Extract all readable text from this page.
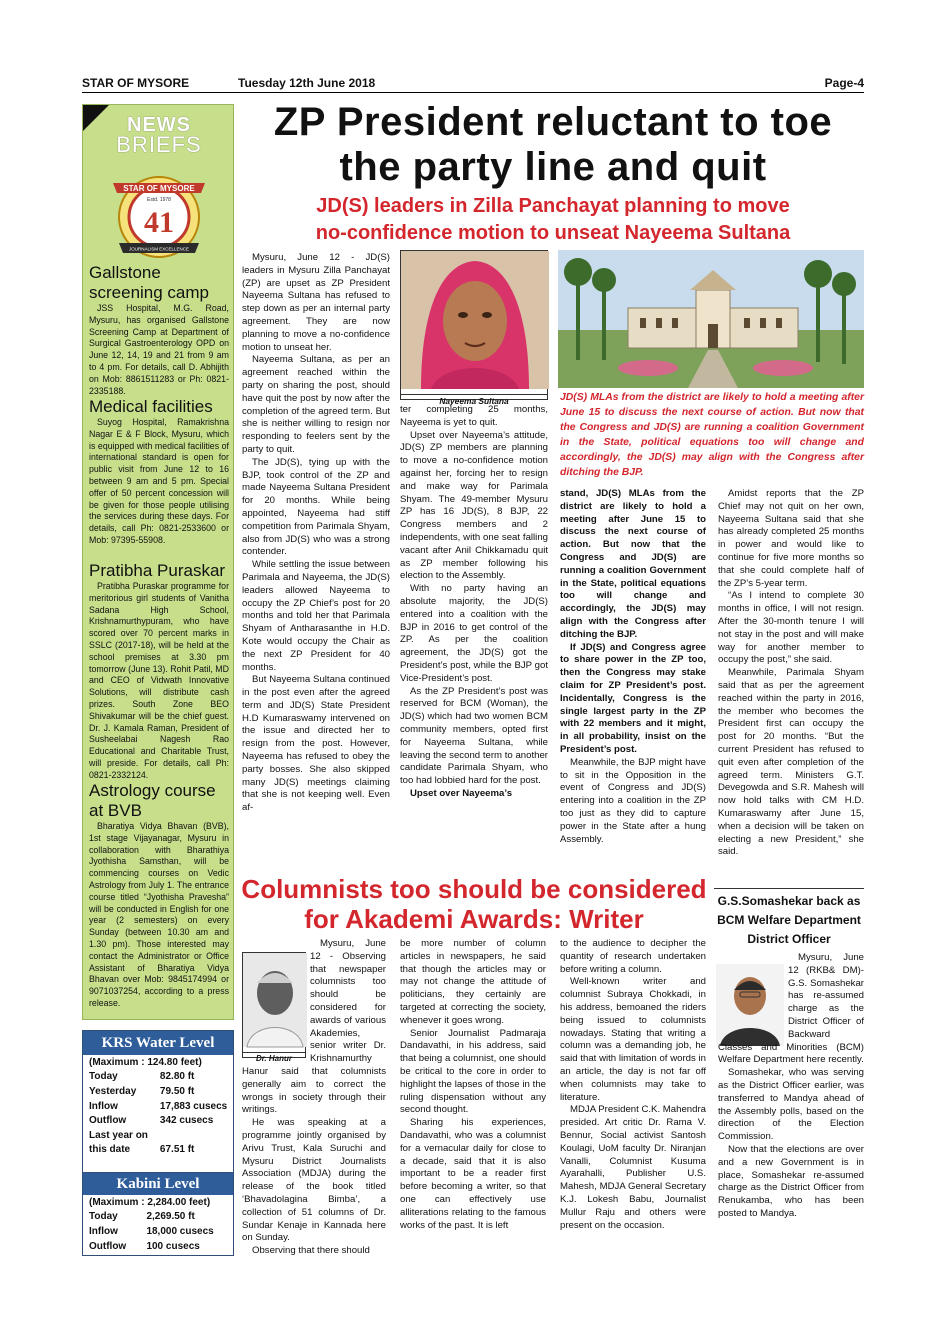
STAR OF MYSORE	Tuesday 12th June 2018	Page-4
NEWS
BRIEFS
STAR OF MYSORE
Estd. 1978
41
JOURNALISM EXCELLENCE
Gallstone screening camp

JSS Hospital, M.G. Road, Mysuru, has organised Gallstone Screening Camp at Department of Surgical Gastroenterology OPD on June 12, 14, 19 and 21 from 9 am to 4 pm. For details, call D. Abhijith on Mob: 8861511283 or Ph: 0821-2335188.

Medical facilities

Suyog Hospital, Ramakrishna Nagar E & F Block, Mysuru, which is equipped with medical facilities of international standard is open for public visit from June 12 to 16 between 9 am and 5 pm. Special offer of 50 percent concession will be given for those people utilising the services during these days. For details, call Ph: 0821-2533600 or Mob: 97395-55908.

Pratibha Puraskar

Pratibha Puraskar programme for meritorious girl students of Vanitha Sadana High School, Krishnamurthypuram, who have scored over 70 percent marks in SSLC (2017-18), will be held at the school premises at 3.30 pm tomorrow (June 13). Rohit Patil, MD and CEO of Vidwath Innovative Solutions, will distribute cash prizes. South Zone BEO Shivakumar will be the chief guest. Dr. J. Kamala Raman, President of Susheelabai Nagesh Rao Educational and Charitable Trust, will preside. For details, call Ph: 0821-2332124.

Astrology course at BVB

Bharatiya Vidya Bhavan (BVB), 1st stage Vijayanagar, Mysuru in collaboration with Bharathiya Jyothisha Samsthan, will be commencing courses on Vedic Astrology from July 1. The entrance course titled “Jyothisha Pravesha” will be conducted in English for one year (2 semesters) on every Sunday (between 10.30 am and 1.30 pm). Those interested may contact the Administrator or Office Assistant of Bharatiya Vidya Bhavan over Mob: 9845174994 or 9071037254, according to a press release.

KRS Water Level
(Maximum : 124.80 feet)	
Today	82.80 ft
Yesterday	79.50 ft
Inflow	17,883 cusecs
Outflow	342 cusecs
Last year on	
this date	67.51 ft
Kabini Level
(Maximum : 2,284.00 feet)	
Today	2,269.50 ft
Inflow	18,000 cusecs
Outflow	100 cusecs
ZP President reluctant to toe
the party line and quit
JD(S) leaders in Zilla Panchayat planning to move
no-confidence motion to unseat Nayeema Sultana

Mysuru, June 12 - JD(S) leaders in Mysuru Zilla Panchayat (ZP) are upset as ZP President Nayeema Sultana has refused to step down as per an internal party agreement. They are now planning to move a no-confidence motion to unseat her.

Nayeema Sultana, as per an agreement reached within the party on sharing the post, should have quit the post by now after the completion of the agreed term. But she is neither willing to resign nor responding to feelers sent by the party to quit.

The JD(S), tying up with the BJP, took control of the ZP and made Nayeema Sultana President for 20 months. While being appointed, Nayeema had stiff competition from Parimala Shyam, also from JD(S) who was a strong contender.

While settling the issue between Parimala and Nayeema, the JD(S) leaders allowed Nayeema to occupy the ZP Chief’s post for 20 months and told her that Parimala Shyam of Antharasanthe in H.D. Kote would occupy the Chair as the next ZP President for 40 months.

But Nayeema Sultana continued in the post even after the agreed term and JD(S) State President H.D Kumaraswamy intervened on the issue and directed her to resign from the post. However, Nayeema has refused to obey the party bosses. She also skipped many JD(S) meetings claiming that she is not keeping well. Even af-

Nayeema Sultana

ter completing 25 months, Nayeema is yet to quit.

Upset over Nayeema’s attitude, JD(S) ZP members are planning to move a no-confidence motion against her, forcing her to resign and make way for Parimala Shyam. The 49-member Mysuru ZP has 16 JD(S), 8 BJP, 22 Congress members and 2 independents, with one seat falling vacant after Anil Chikkamadu quit as ZP member following his election to the Assembly.

With no party having an absolute majority, the JD(S) entered into a coalition with the BJP in 2016 to get control of the ZP. As per the coalition agreement, the JD(S) got the President’s post, while the BJP got Vice-President’s post.

As the ZP President’s post was reserved for BCM (Woman), the JD(S) which had two women BCM community members, opted first for Nayeema Sultana, while leaving the second term to another candidate Parimala Shyam, who too had lobbied hard for the post.

Upset over Nayeema’s

JD(S) MLAs from the district are likely to hold a meeting after June 15 to discuss the next course of action. But now that the Congress and JD(S) are running a coalition Government in the State, political equations too will change and accordingly, the JD(S) may align with the Congress after ditching the BJP.

stand, JD(S) MLAs from the district are likely to hold a meeting after June 15 to discuss the next course of action. But now that the Congress and JD(S) are running a coalition Government in the State, political equations too will change and accordingly, the JD(S) may align with the Congress after ditching the BJP.

If JD(S) and Congress agree to share power in the ZP too, then the Congress may stake claim for ZP President’s post. Incidentally, Congress is the single largest party in the ZP with 22 members and it might, in all probability, insist on the President’s post.

Meanwhile, the BJP might have to sit in the Opposition in the event of Congress and JD(S) entering into a coalition in the ZP too just as they did to capture power in the State after a hung Assembly.

Amidst reports that the ZP Chief may not quit on her own, Nayeema Sultana said that she has already completed 25 months in power and would like to continue for five more months so that she could complete half of the ZP’s 5-year term.

“As I intend to complete 30 months in office, I will not resign. After the 30-month tenure I will not stay in the post and will make way for another member to occupy the post,” she said.

Meanwhile, Parimala Shyam said that as per the agreement reached within the party in 2016, the member who becomes the President first can occupy the post for 20 months. “But the current President has refused to quit even after completion of the agreed term. Ministers G.T. Devegowda and S.R. Mahesh will now hold talks with CM H.D. Kumaraswamy after June 15, when a decision will be taken on electing a new President,” she said.

Columnists too should be considered
for Akademi Awards: Writer
Dr. Hanur

Mysuru, June 12 - Observing that newspaper columnists too should be considered for awards of various Akademies, senior writer Dr. Krishnamurthy Hanur said that columnists generally aim to correct the wrongs in society through their writings.

He was speaking at a programme jointly organised by Arivu Trust, Kala Suruchi and Mysuru District Journalists Association (MDJA) during the release of the book titled ‘Bhavadolagina Bimba’, a collection of 51 columns of Dr. Sundar Kenaje in Kannada here on Sunday.

Observing that there should

be more number of column articles in newspapers, he said that though the articles may or may not change the attitude of politicians, they certainly are targeted at correcting the society, whenever it goes wrong.

Senior Journalist Padmaraja Dandavathi, in his address, said that being a columnist, one should be critical to the core in order to highlight the lapses of those in the ruling dispensation without any second thought.

Sharing his experiences, Dandavathi, who was a columnist for a vernacular daily for close to a decade, said that it is also important to be a reader first before becoming a writer, so that one can effectively use alliterations relating to the famous works of the past. It is left

to the audience to decipher the quantity of research undertaken before writing a column.

Well-known writer and columnist Subraya Chokkadi, in his address, bemoaned the riders being issued to columnists nowadays. Stating that writing a column was a demanding job, he said that with limitation of words in an article, the day is not far off when columnists may take to literature.

MDJA President C.K. Mahendra presided. Art critic Dr. Rama V. Bennur, Social activist Santosh Koulagi, UoM faculty Dr. Niranjan Vanalli, Columnist Kusuma Ayarahalli, Publisher U.S. Mahesh, MDJA General Secretary K.J. Lokesh Babu, Journalist Mullur Raju and others were present on the occasion.

G.S.Somashekar back as
BCM Welfare Department
District Officer

Mysuru, June 12 (RKB& DM)- G.S. Somashekar has re-assumed charge as the District Officer of Backward Classes and Minorities (BCM) Welfare Department here recently.

Somashekar, who was serving as the District Officer earlier, was transferred to Mandya ahead of the Assembly polls, based on the direction of the Election Commission.

Now that the elections are over and a new Government is in place, Somashekar re-assumed charge as the District Officer from Renukamba, who has been posted to Mandya.
